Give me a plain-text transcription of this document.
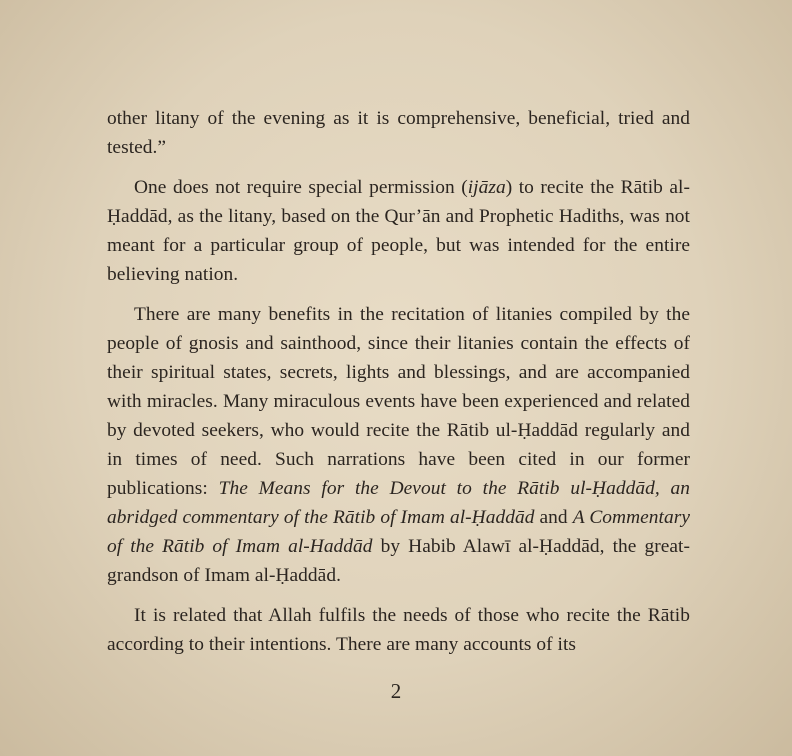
other litany of the evening as it is comprehensive, beneficial, tried and tested.”

One does not require special permission (ijāza) to recite the Rātib al-Ḥaddād, as the litany, based on the Qur’ān and Prophetic Hadiths, was not meant for a particular group of people, but was intended for the entire believing nation.

There are many benefits in the recitation of litanies compiled by the people of gnosis and sainthood, since their litanies contain the effects of their spiritual states, secrets, lights and blessings, and are accompanied with miracles. Many miraculous events have been experienced and related by devoted seekers, who would recite the Rātib ul-Ḥaddād regularly and in times of need. Such narrations have been cited in our former publications: The Means for the Devout to the Rātib ul-Ḥaddād, an abridged commentary of the Rātib of Imam al-Ḥaddād and A Commentary of the Rātib of Imam al-Haddād by Habib Alawī al-Ḥaddād, the great-grandson of Imam al-Ḥaddād.

It is related that Allah fulfils the needs of those who recite the Rātib according to their intentions. There are many accounts of its

2
